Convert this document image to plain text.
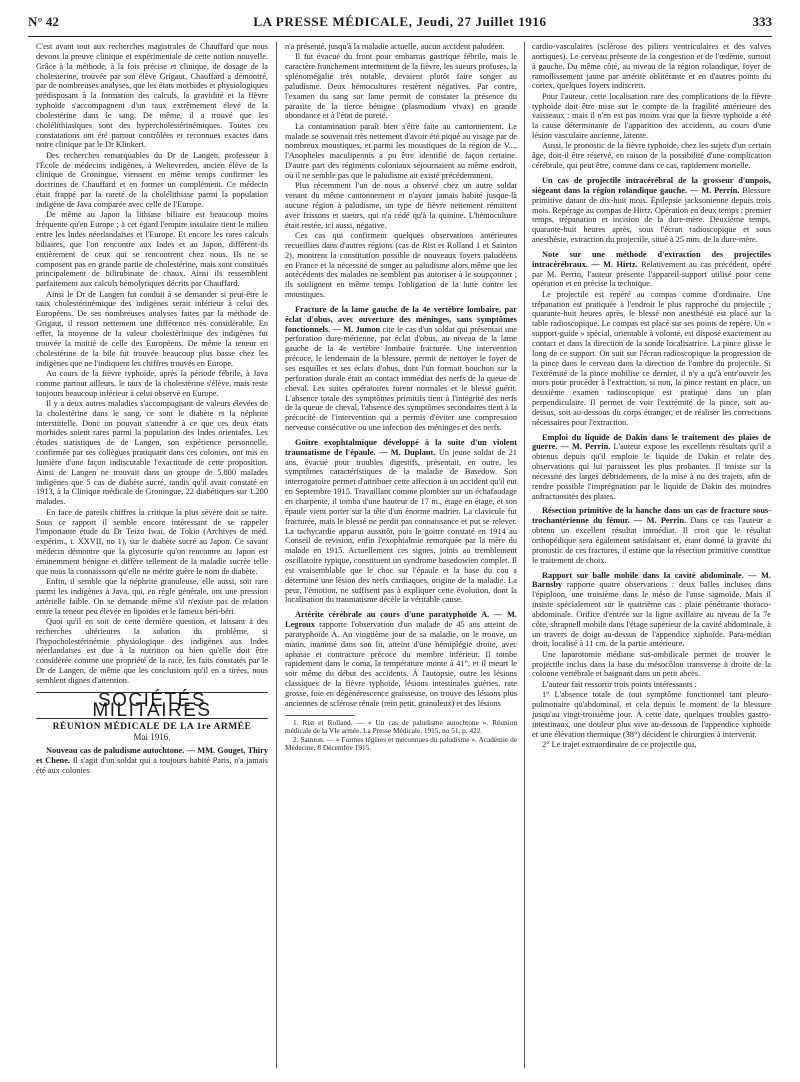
N° 42	LA PRESSE MÉDICALE, Jeudi, 27 Juillet 1916	333

C'est avant tout aux recherches magistrales de Chauffard que nous devons la preuve clinique et expérimentale de cette notion nouvelle. Grâce à la méthode, à la fois précise et clinique, de dosage de la cholestérine, trouvée par son élève Grigaut, Chauffard a démontré, par de nombreuses analyses, que les états morbides et physiologiques prédisposant à la formation des calculs, la gravidité et la fièvre typhoïde s'accompagnent d'un taux extrêmement élevé de la cholestérine dans le sang. De même, il a trouvé que les cholélithiasiques sont des hypercholestérinémiques. Toutes ces constatations ont été partout contrôlées et reconnues exactes dans notre clinique par le Dr Klinkert.

Des recherches remarquables du Dr de Langen, professeur à l'École de médecins indigènes, à Weltevreden, ancien élève de la clinique de Groningue, viennent en même temps confirmer les doctrines de Chauffard et en former un complément. Ce médecin était frappé par la rareté de la cholélithiase parmi la population indigène de Java comparée avec celle de l'Europe.

De même au Japon la lithiase biliaire est beaucoup moins fréquente qu'en Europe ; à cet égard l'empire insulaire tient le milieu entre les Indes néerlandaises et l'Europe. Et encore les rares calculs biliaires, que l'on rencontre aux Indes et au Japon, diffèrent-ils entièrement de ceux qui se rencontrent chez nous. Ils ne se composent pas en grande partie de cholestérine, mais sont constitués principalement de bilirubinate de chaux. Ainsi ils ressemblent parfaitement aux calculs hémolytiques décrits par Chauffard.

Ainsi le Dr de Langen fut conduit à se demander si peut-être le taux cholestérinémique des indigènes serait inférieur à celui des Européens. De ses nombreuses analyses faites par la méthode de Grigaut, il ressort nettement une différence très considérable. En effet, la moyenne de la valeur cholestérinique des indigènes fut trouvée la moitié de celle des Européens. De même la teneur en cholestérine de la bile fut trouvée beaucoup plus basse chez les indigènes que ne l'indiquent les chiffres trouvés en Europe.

Au cours de la fièvre typhoïde, après la période fébrile, à Java comme partout ailleurs, le taux de la cholestérine s'élève, mais reste toujours beaucoup inférieur à celui observé en Europe.

Il y a deux autres maladies s'accompagnant de valeurs élevées de la cholestérine dans le sang, ce sont le diabète et la néphrite interstitielle. Donc on pouvait s'attendre à ce que ces deux états morbides soient rares parmi la population des Indes orientales. Les études statistiques de de Langen, son expérience personnelle, confirmée par ses collègues pratiquant dans ces colonies, ont mis en lumière d'une façon indiscutable l'exactitude de cette proposition. Ainsi de Langen ne trouvait dans un groupe de 5.800 malades indigènes que 5 cas de diabète sucré, tandis qu'il avait constaté en 1913, à la Clinique médicale de Groningue, 22 diabétiques sur 1.200 malades.

En face de pareils chiffres la critique la plus sévère doit se taire. Sous ce rapport il semble encore intéressant de se rappeler l'importante étude du Dr Teizo Iwai, de Tokio (Archives de méd. expérim., t. XXVII, no 1), sur le diabète sucré au Japon. Ce savant médecin démontre que la glycosurie qu'on rencontre au Japon est éminemment bénigne et diffère tellement de la maladie sucrée telle que nous la connaissons qu'elle ne mérite guère le nom de diabète.

Enfin, il semble que la néphrite granuleuse, elle aussi, soit rare parmi les indigènes à Java, qui, en règle générale, ont une pression artérielle faible. On se demande même s'il n'existe pas de relation entre la teneur peu élevée en lipoïdes et le fameux béri-béri.

Quoi qu'il en soit de cette dernière question, et laissant à des recherches ultérieures la solution du problème, si l'hypocholestérinémie physiologique des indigènes aux Indes néerlandaises est due à la nutrition ou bien qu'elle doit être considérée comme une propriété de la race, les faits constatés par le Dr de Langen, de même que les conclusions qu'il en a tirées, nous semblent dignes d'attention.

SOCIÉTÉS MILITAIRES
RÉUNION MÉDICALE DE LA 1re ARMÉE
Mai 1916.

Nouveau cas de paludisme autochtone. — MM. Gouget, Thiry et Chene. Il s'agit d'un soldat qui a toujours habité Paris, n'a jamais été aux colonies

n'a présenté, jusqu'à la maladie actuelle, aucun accident paludéen.

Il fut évacué du front pour embarras gastrique fébrile, mais le caractère franchement intermittent de la fièvre, les sueurs profuses, la splénomégalie très notable, devaient plutôt faire songer au paludisme. Deux hémocultures restèrent négatives. Par contre, l'examen du sang sur lame permit de constater la présence du parasite de la tierce bénigne (plasmodium vivax) en grande abondance et à l'état de pureté.

La contamination paraît bien s'être faite au cantonnement. Le malade se souvenait très nettement d'avoir été piqué au visage par de nombreux moustiques, et parmi les moustiques de la région de V..., l'Anopheles maculipennis a pu être identifié de façon certaine. D'autre part des régiments coloniaux séjournaient au même endroit, où il ne semble pas que le paludisme ait existé précédemment.

Plus récemment l'un de nous a observé chez un autre soldat venant du même cantonnement et n'ayant jamais habité jusque-là aucune région à paludisme, un type de fièvre nettement rémittent avec frissons et sueurs, qui n'a cédé qu'à la quinine. L'hémoculture était restée, ici aussi, négative.

Ces cas qui confirment quelques observations antérieures recueillies dans d'autres régions (cas de Rist et Rolland 1 et Sainton 2), montrent la constitution possible de nouveaux foyers paludéens en France et la nécessité de songer au paludisme alors même que les antécédents des malades ne semblent pas autoriser à le soupçonner ; ils soulignent en même temps l'obligation de la lutte contre les moustiques.

Fracture de la lame gauche de la 4e vertèbre lombaire, par éclat d'obus, avec ouverture des méninges, sans symptômes fonctionnels. — M. Jumon cite le cas d'un soldat qui présentait une perforation dure-mérienne, par éclat d'obus, au niveau de la lame gauche de la 4e vertèbre lombaire fracturée. Une intervention précoce, le lendemain de la blessure, permit de nettoyer le foyer de ses esquilles et ses éclats d'obus, dont l'un formait bouchon sur la perforation durale était au contact immédiat des nerfs de la queue de cheval. Les suites opératoires furent normales et le blessé guérit. L'absence totale des symptômes primitifs tient à l'intégrité des nerfs de la queue de cheval, l'absence des symptômes secondaires tient à la précocité de l'intervention qui a permis d'éviter une compression nerveuse consécutive ou une infection des méninges et des nerfs.

Goitre exophtalmique développé à la suite d'un violent traumatisme de l'épaule. — M. Duplant. Un jeune soldat de 21 ans, évacué pour troubles digestifs, présentait, en outre, les symptômes caractéristiques de la maladie de Basedow. Son interrogatoire permet d'attribuer cette affection à un accident qu'il eut en Septembre 1915. Travaillant comme plombier sur un échafaudage en charpente, il tomba d'une hauteur de 17 m., étage en étage, et son épaule vient porter sur la tête d'un énorme madrier. La clavicule fut fracturée, mais le blessé ne perdit pas connaissance et put se relever. La tachycardie apparut aussitôt, puis le goitre constaté en 1914 au Conseil de revision, enfin l'exophtalmie remarquée par la mère du malade en 1915. Actuellement ces signes, joints au tremblement oscillatoire typique, constituent un syndrome basedowien complet. Il est vraisemblable que le choc sur l'épaule et la base du cou a déterminé une lésion des nerfs cardiaques, origine de la maladie. La peur, l'émotion, ne suffisent pas à expliquer cette évolution, dont la localisation du traumatisme décèle la véritable cause.

Artérite cérébrale au cours d'une paratyphoïde A. — M. Legroux rapporte l'observation d'un malade de 45 ans atteint de paratyphoïde A. Au vingtième jour de sa maladie, on le trouve, un matin, inanimé dans son lit, atteint d'une hémiplégie droite, avec aphasie et contracture précoce du membre inférieur. Il tombe rapidement dans le coma, la température monte à 41°, et il meurt le soir même du début des accidents. À l'autopsie, outre les lésions classiques de la fièvre typhoïde, lésions intestinales guéries, rate grosse, foie en dégénérescence graisseuse, on trouve des lésions plus anciennes de sclérose rénale (rein petit, granuleux) et des lésions

1. Rist et Rolland. — « Un cas de paludisme autochtone ». Réunion médicale de la VIe armée, La Presse Médicale, 1915, no 51, p. 422.

2. Sainton. — « Formes légères et méconnues du paludisme ». Académie de Médecine, 8 Décembre 1915.

cardio-vasculaires (sclérose des piliers ventriculaires et des valves aortiques). Le cerveau présente de la congestion et de l'œdème, surtout à gauche. Du même côté, au niveau de la région rolandique, foyer de ramollissement jaune par artérite oblitérante et en d'autres points du cortex, quelques foyers indiscrets.

Pour l'auteur, cette localisation rare des complications de la fièvre typhoïde doit être mise sur le compte de la fragilité antérieure des vaisseaux : mais il n'en est pas moins vrai que la fièvre typhoïde a été la cause déterminante de l'apparition des accidents, au cours d'une lésion vasculaire ancienne, latente.

Aussi, le pronostic de la fièvre typhoïde, chez les sujets d'un certain âge, doit-il être réservé, en raison de la possibilité d'une complication cérébrale, qui peut être, comme dans ce cas, rapidement mortelle.

Un cas de projectile intracérébral de la grosseur d'unpois, siégeant dans la région rolandique gauche. — M. Perrin. Blessure primitive datant de dix-huit mois. Épilepsie jacksonienne depuis trois mois. Repérage au compas de Hirtz. Opération en deux temps : premier temps, trépanation et incision de la dure-mère. Deuxième temps, quarante-huit heures après, sous l'écran radioscopique et sous anesthésie, extraction du projectile, situé à 25 mm. de la dure-mère.

Note sur une méthode d'extraction des projectiles intracérébraux. — M. Hirtz. Relativement au cas précédent, opéré par M. Perrin, l'auteur présente l'appareil-support utilisé pour cette opération et en précise la technique.

Le projectile est repéré au compas comme d'ordinaire. Une trépanation est pratiquée à l'endroit le plus rapproché du projectile ; quarante-huit heures après, le blessé non anesthésié est placé sur la table radioscopique. Le compas est placé sur ses points de repère. Un « support-guide » spécial, orientable à volonté, est disposé exactement au contact et dans la direction de la sonde localisatrice. La pince glisse le long de ce support. On suit sur l'écran radioscopique la progression de la pince dans le cerveau dans la direction de l'ombre du projectile. Si l'extrémité de la pince mobilise ce dernier, il n'y a qu'à entr'ouvrir les mors pour procéder à l'extraction, si non, la pince restant en place, un deuxième examen radioscopique est pratiqué dans un plan perpendiculaire. Il permet de voir l'extrémité de la pince, soit au-dessus, soit au-dessous du corps étranger, et de réaliser les corrections nécessaires pour l'extraction.

Emploi du liquide de Dakin dans le traitement des plaies de guerre. — M. Perrin. L'auteur expose les excellents résultats qu'il a obtenus depuis qu'il emploie le liquide de Dakin et relate des observations qui lui paraissent les plus probantes. Il insiste sur la nécessité des larges débridements, de la mise à nu des trajets, afin de rendre possible l'imprégnation par le liquide de Dakin des moindres anfractuosités des plaies.

Résection primitive de la hanche dans un cas de fracture sous-trochantérienne du fémur. — M. Perrin. Dans ce cas l'auteur a obtenu un excellent résultat immédiat. Il croit que le résultat orthopédique sera également satisfaisant et, étant donné la gravité du pronostic de ces fractures, il estime que la résection primitive constitue le traitement de choix.

Rapport sur balle mobile dans la cavité abdominale. — M. Barnsby rapporte quatre observations : deux balles incluses dans l'épiploon, une troisième dans le méso de l'anse sigmoïde. Mais il insiste spécialement sur le quatrième cas : plaie pénétrante thoraco-abdominale. Orifice d'entrée sur la ligne axillaire au niveau de la 7e côte, shrapnell mobile dans l'étage supérieur de la cavité abdominale, à un travers de doigt au-dessus de l'appendice xiphoïde. Para-médian droit, localisé à 11 cm. de la partie antérieure.

Une laparotomie médiane sus-ombilicale permet de trouver le projectile inclus dans la base du mésocôlon transverse à droite de la colonne vertébrale et baignant dans un petit abcès.

L'auteur fait ressortir trois points intéressants :

1° L'absence totale de tout symptôme fonctionnel tant pleuro-pulmonaire qu'abdominal, et cela depuis le moment de la blessure jusqu'au vingt-troisième jour. À cette date, quelques troubles gastro-intestinaux, une douleur plus vive au-dessous de l'appendice xiphoïde et une élévation thermique (38°) décident le chirurgien à intervenir.

2° Le trajet extraordinaire de ce projectile qui,
